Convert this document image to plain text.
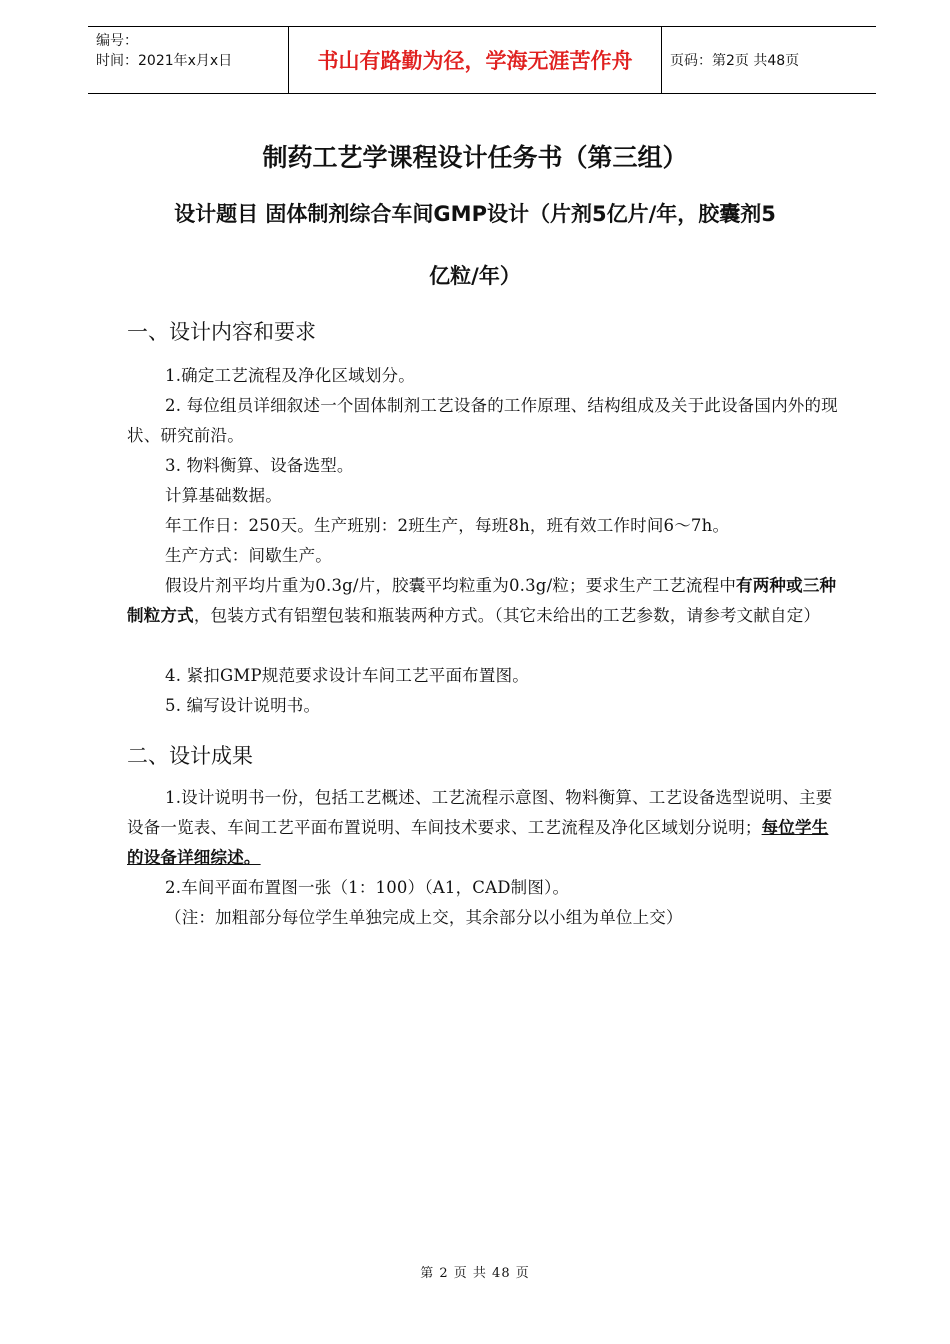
编号：
时间：2021年x月x日	书山有路勤为径，学海无涯苦作舟	页码：第2页 共48页
制药工艺学课程设计任务书（第三组）
设计题目 固体制剂综合车间GMP设计（片剂5亿片/年，胶囊剂5
亿粒/年）
一、设计内容和要求
1.确定工艺流程及净化区域划分。
2. 每位组员详细叙述一个固体制剂工艺设备的工作原理、结构组成及关于此设备国内外的现状、研究前沿。
3. 物料衡算、设备选型。
计算基础数据。
年工作日：250天。生产班别：2班生产，每班8h，班有效工作时间6～7h。
生产方式：间歇生产。
假设片剂平均片重为0.3g/片，胶囊平均粒重为0.3g/粒；要求生产工艺流程中有两种或三种制粒方式，包装方式有铝塑包装和瓶装两种方式。（其它未给出的工艺参数，请参考文献自定）
4. 紧扣GMP规范要求设计车间工艺平面布置图。
5. 编写设计说明书。
二、设计成果
1.设计说明书一份，包括工艺概述、工艺流程示意图、物料衡算、工艺设备选型说明、主要设备一览表、车间工艺平面布置说明、车间技术要求、工艺流程及净化区域划分说明；每位学生的设备详细综述。
2.车间平面布置图一张（1：100）（A1，CAD制图）。
（注：加粗部分每位学生单独完成上交，其余部分以小组为单位上交）
第 2 页 共 48 页
